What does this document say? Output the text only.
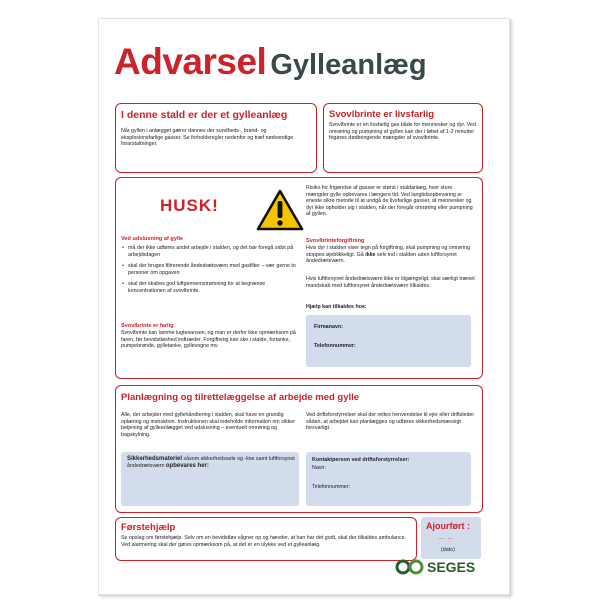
Advarsel Gylleanlæg
I denne stald er der et gylleanlæg
Når gyllen i anlægget gærer dannes der sundheds-, brand- og eksplosionsfarlige gasser. Se forholdsregler nedenfor og træf nødvendige forarstaltninger.
Svovlbrinte er livsfarlig
Svovlbrinte er en livsfarlig gas både for mennesker og dyr. Ved omrøring og pumpning af gyllen kan der i løbet af 1-2 minutter frigøres dødbringende mængder af svovlbrinte.
HUSK!
Ved udslusning af gylle
• må der ikke udføres andet arbejde i stalden, og det bør foregå sidst på arbejdsdagen
• skal der bruges filtrerende åndedrætsværn med gasfilter – vær gerne to personer om opgaven
• skal der skabes god luftgennemstrømning for at begrænse koncentrationen af svovlbrinte.
Svovlbrinte er farlig
Svovlbrinte kan lamme lugtesansen, og man er derfor ikke opmærksom på faren, før bevidstløshed indtræder. Forgiftning kan ske i stalde, fortanke, pumpebrønde, gylletanke, gyllevogne mv.
Risiko for frigørelse af gasser er størst i staldanlæg, hvor store mængder gylle opbevares i længere tid. Ved langtidsopbevaring er eneste sikre metode til at undgå de livsfarlige gasser, at mennesker og dyr ikke opholder sig i stalden, når der foregår omrøring eller pumpning af gyllen.
Svovlbrinteforgiftning
Hvis dyr i stalden viser tegn på forgiftning, skal pumpning og omrøring stoppes øjeblikkeligt. Gå ikke selv ind i stalden uden luftforsynet åndedrætsværn.
Hvis luftforsynet åndedrætsværn ikke er tilgængeligt, skal særligt trænet mandskab med luftforsynet åndedrætsværn tilkaldes.
Hjælp kan tilkaldes hos:
Firmanavn:
Telefonnummer:
Planlægning og tilrettelæggelse af arbejde med gylle
Alle, der arbejder med gyllehåndtering i stalden, skal have en grundig oplæring og instruktion. Instruktionen skal indeholde information om sikker betjening af gylleanlægget ved udslusning – eventuelt omrøring og bagskylning.
Ved driftsforstyrrelser skal der rettes henvendelse til ejer eller driftsleder sådan, at arbejdet kan planlægges og udføres sikkerhedsmæssigt forsvarligt.
Sikkerhedsmateriel såsom sikkerhedssele og -line samt luftforsynet åndedrætsværn opbevares her:
Kontaktperson ved driftsforstyrrelser:
Navn:
Telefonnummer:
Førstehjælp
Se opslag om førstehjælp. Selv om en bevidstløs vågner op og hævder, at han har det godt, skal der tilkaldes ambulance. Ved alarmering skal der gøres opmærksom på, at det er en ulykke ved et gylleanlæg.
Ajourført :
_  _
(dato)
SEGES
